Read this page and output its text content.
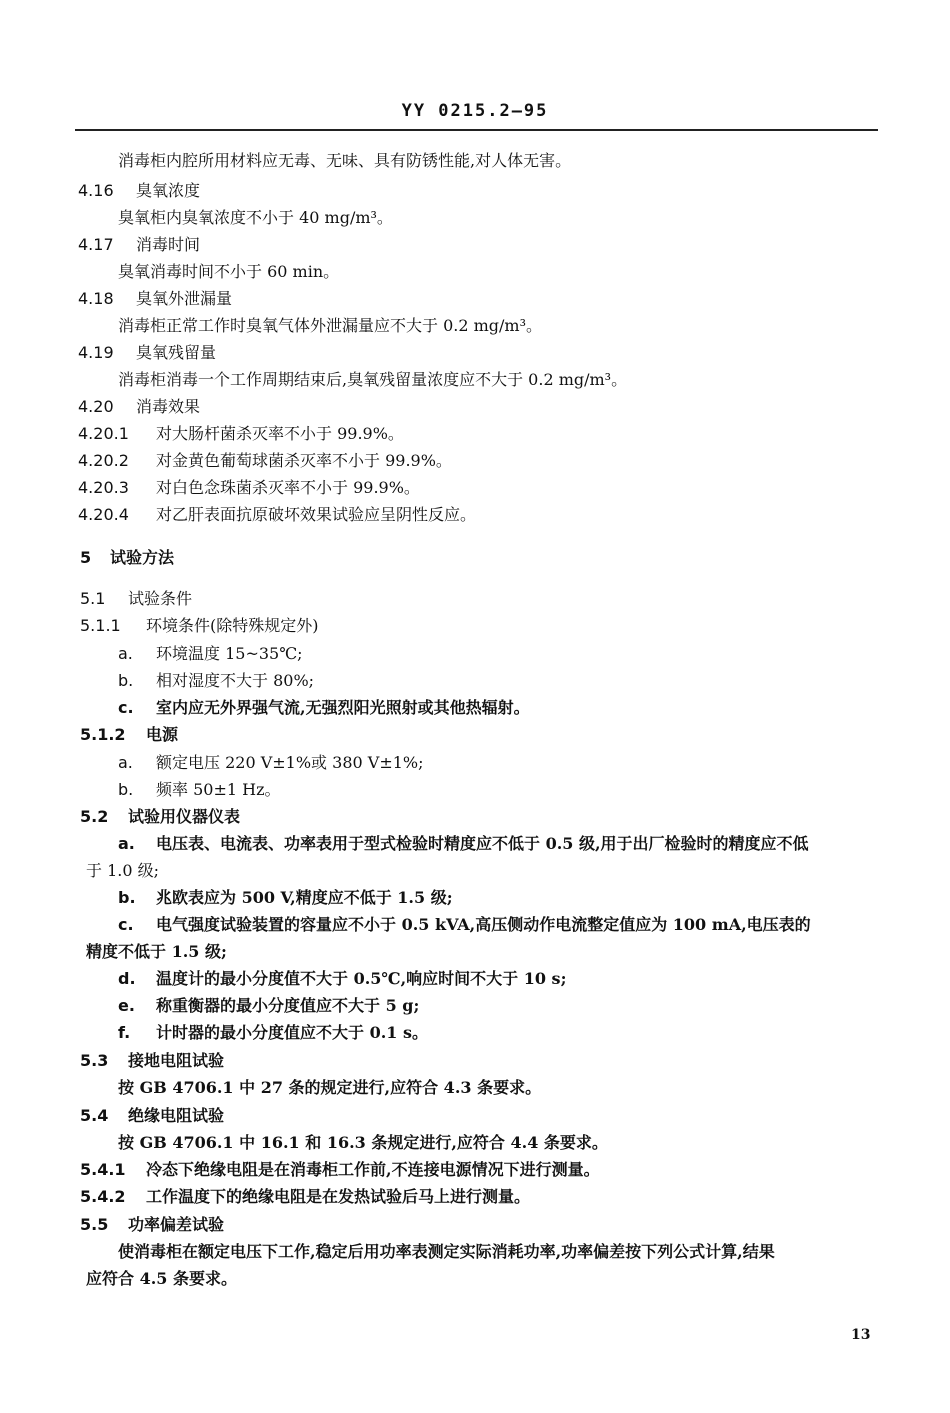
YY 0215.2—95
消毒柜内腔所用材料应无毒、无味、具有防锈性能,对人体无害。
4.16 臭氧浓度
臭氧柜内臭氧浓度不小于 40 mg/m³。
4.17 消毒时间
臭氧消毒时间不小于 60 min。
4.18 臭氧外泄漏量
消毒柜正常工作时臭氧气体外泄漏量应不大于 0.2 mg/m³。
4.19 臭氧残留量
消毒柜消毒一个工作周期结束后,臭氧残留量浓度应不大于 0.2 mg/m³。
4.20 消毒效果
4.20.1 对大肠杆菌杀灭率不小于 99.9%。
4.20.2 对金黄色葡萄球菌杀灭率不小于 99.9%。
4.20.3 对白色念珠菌杀灭率不小于 99.9%。
4.20.4 对乙肝表面抗原破坏效果试验应呈阴性反应。
5 试验方法
5.1 试验条件
5.1.1 环境条件(除特殊规定外)
a. 环境温度 15~35℃;
b. 相对湿度不大于 80%;
c. 室内应无外界强气流,无强烈阳光照射或其他热辐射。
5.1.2 电源
a. 额定电压 220 V±1%或 380 V±1%;
b. 频率 50±1 Hz。
5.2 试验用仪器仪表
a. 电压表、电流表、功率表用于型式检验时精度应不低于 0.5 级,用于出厂检验时的精度应不低
于 1.0 级;
b. 兆欧表应为 500 V,精度应不低于 1.5 级;
c. 电气强度试验装置的容量应不小于 0.5 kVA,高压侧动作电流整定值应为 100 mA,电压表的
精度不低于 1.5 级;
d. 温度计的最小分度值不大于 0.5℃,响应时间不大于 10 s;
e. 称重衡器的最小分度值应不大于 5 g;
f. 计时器的最小分度值应不大于 0.1 s。
5.3 接地电阻试验
按 GB 4706.1 中 27 条的规定进行,应符合 4.3 条要求。
5.4 绝缘电阻试验
按 GB 4706.1 中 16.1 和 16.3 条规定进行,应符合 4.4 条要求。
5.4.1 冷态下绝缘电阻是在消毒柜工作前,不连接电源情况下进行测量。
5.4.2 工作温度下的绝缘电阻是在发热试验后马上进行测量。
5.5 功率偏差试验
使消毒柜在额定电压下工作,稳定后用功率表测定实际消耗功率,功率偏差按下列公式计算,结果
应符合 4.5 条要求。
13
